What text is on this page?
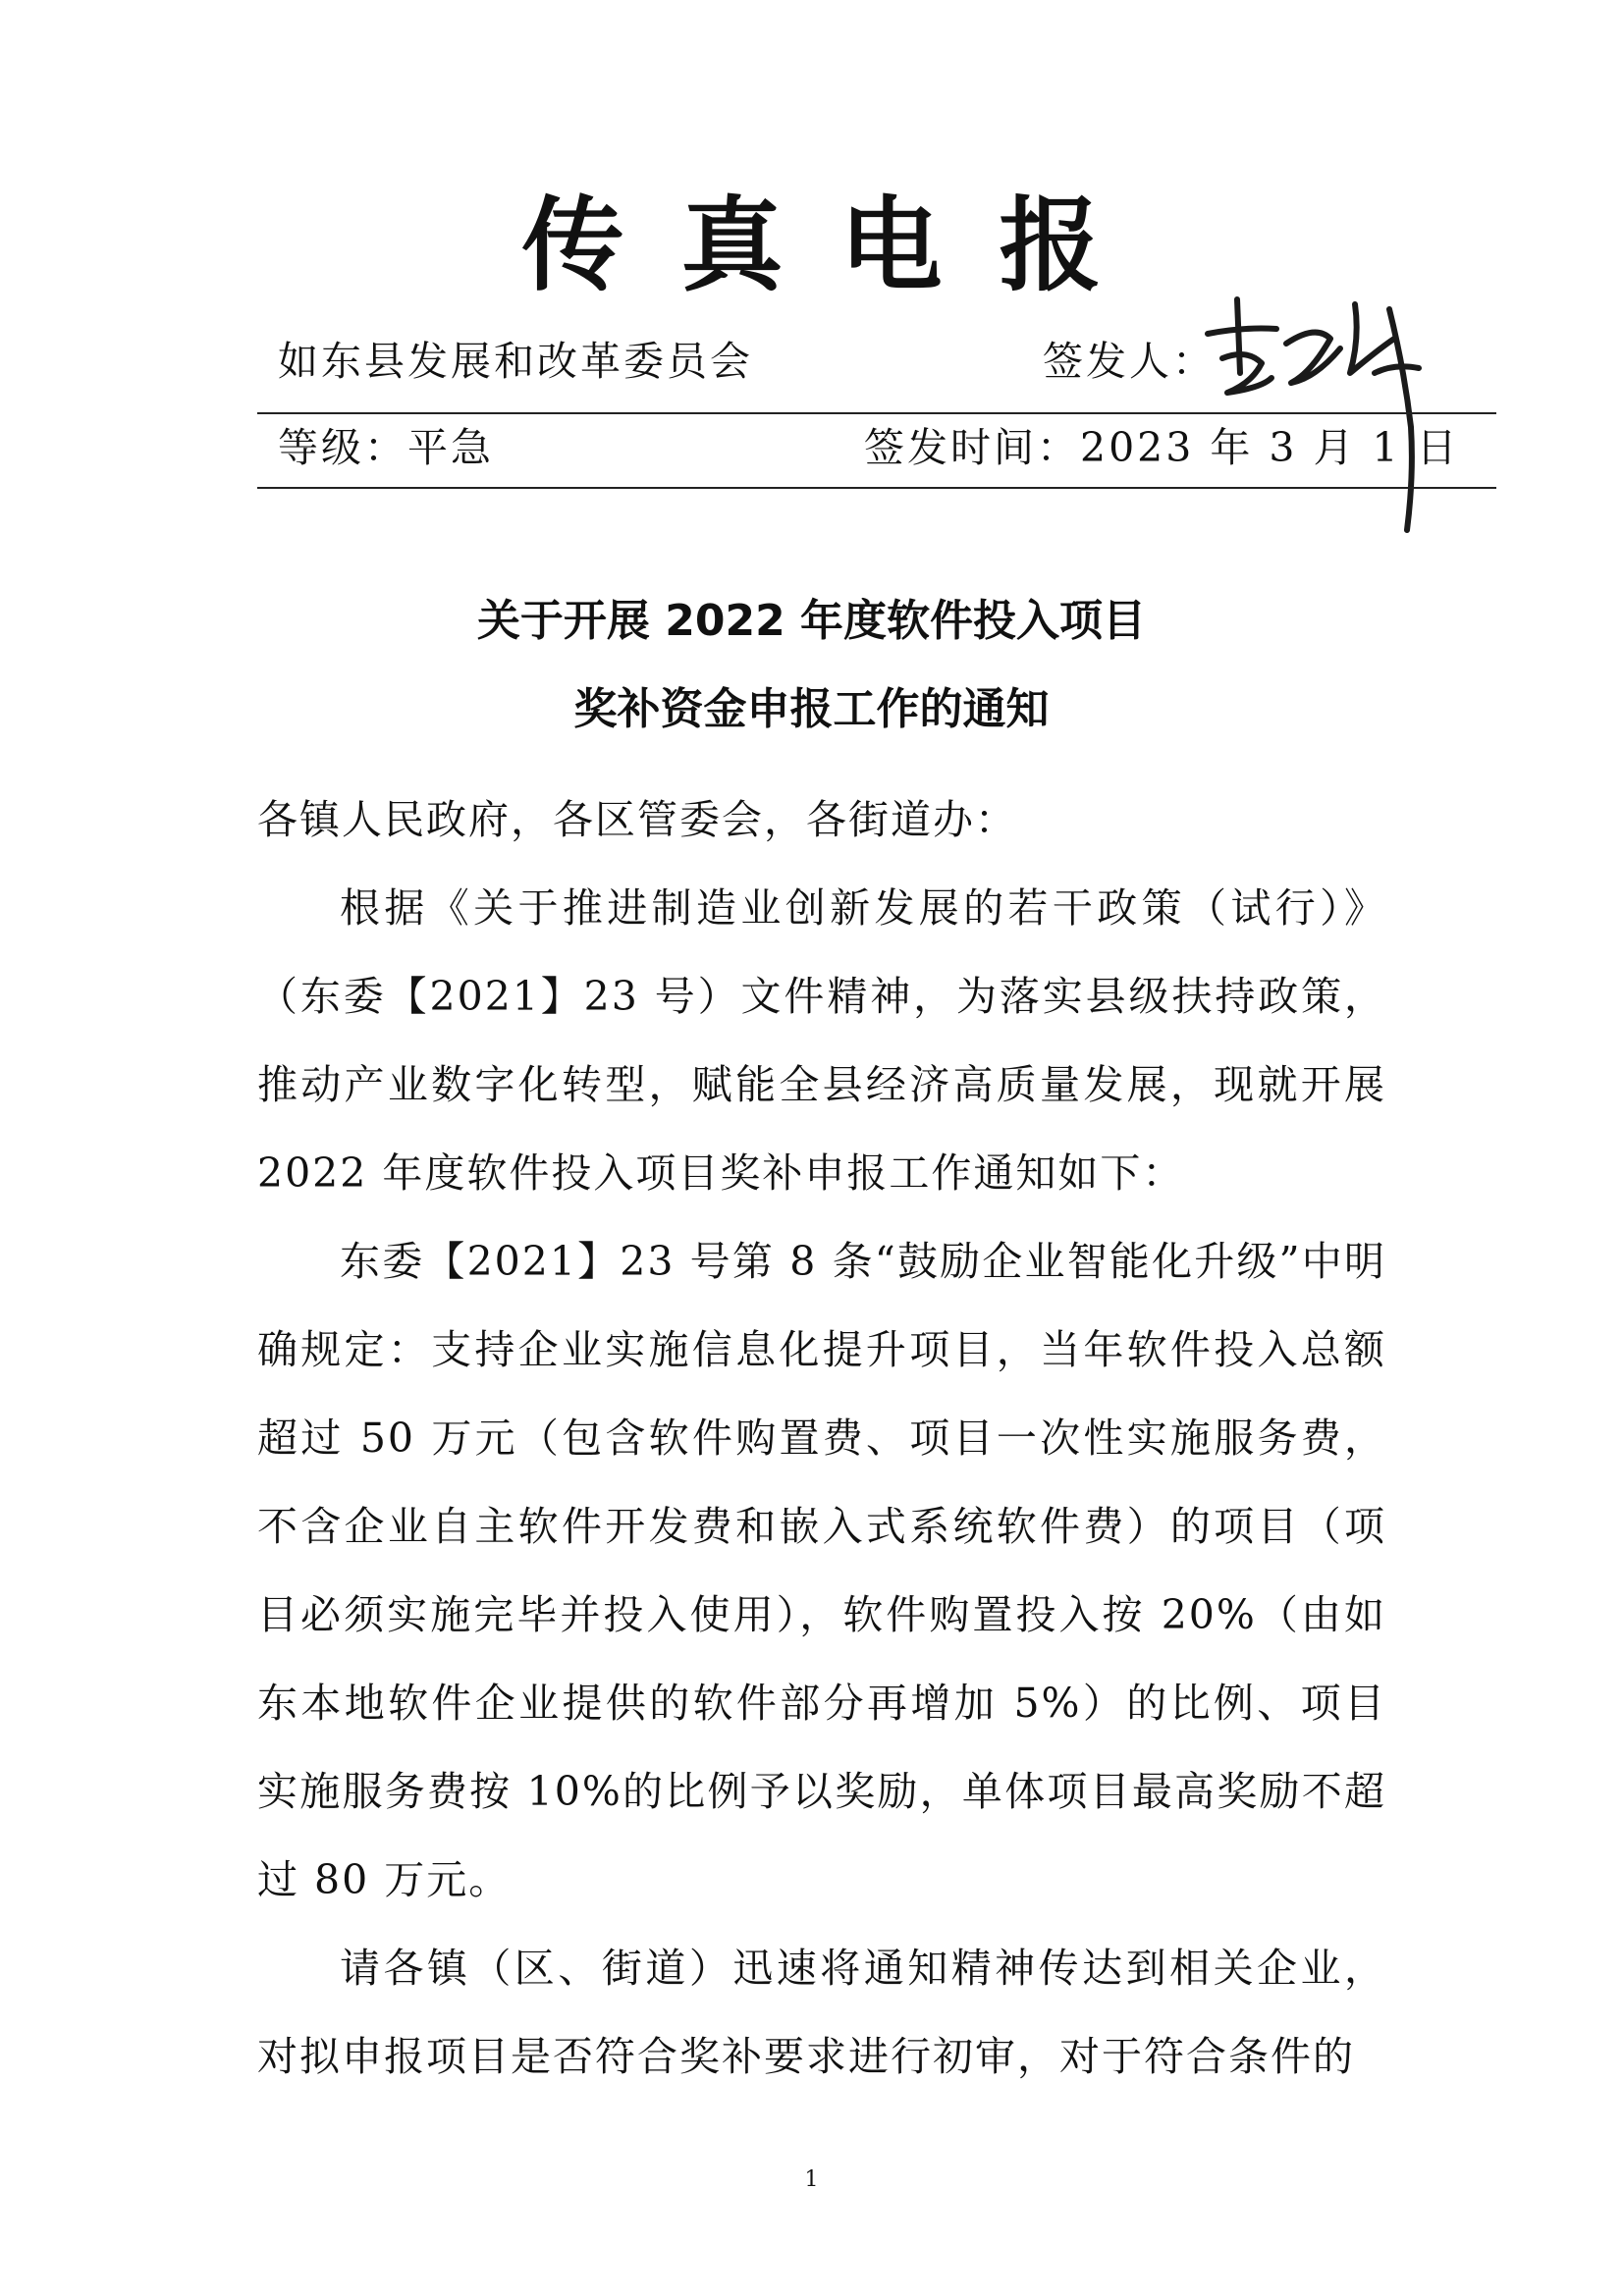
传真电报
如东县发展和改革委员会	签发人：
等级：平急	签发时间：2023 年 3 月 1 日
关于开展 2022 年度软件投入项目
奖补资金申报工作的通知

各镇人民政府，各区管委会，各街道办：

根据《关于推进制造业创新发展的若干政策（试行）》（东委【2021】23 号）文件精神，为落实县级扶持政策，推动产业数字化转型，赋能全县经济高质量发展，现就开展 2022 年度软件投入项目奖补申报工作通知如下：

东委【2021】23 号第 8 条“鼓励企业智能化升级”中明确规定：支持企业实施信息化提升项目，当年软件投入总额超过 50 万元（包含软件购置费、项目一次性实施服务费，不含企业自主软件开发费和嵌入式系统软件费）的项目（项目必须实施完毕并投入使用），软件购置投入按 20%（由如东本地软件企业提供的软件部分再增加 5%）的比例、项目实施服务费按 10%的比例予以奖励，单体项目最高奖励不超过 80 万元。

请各镇（区、街道）迅速将通知精神传达到相关企业，对拟申报项目是否符合奖补要求进行初审，对于符合条件的

1
